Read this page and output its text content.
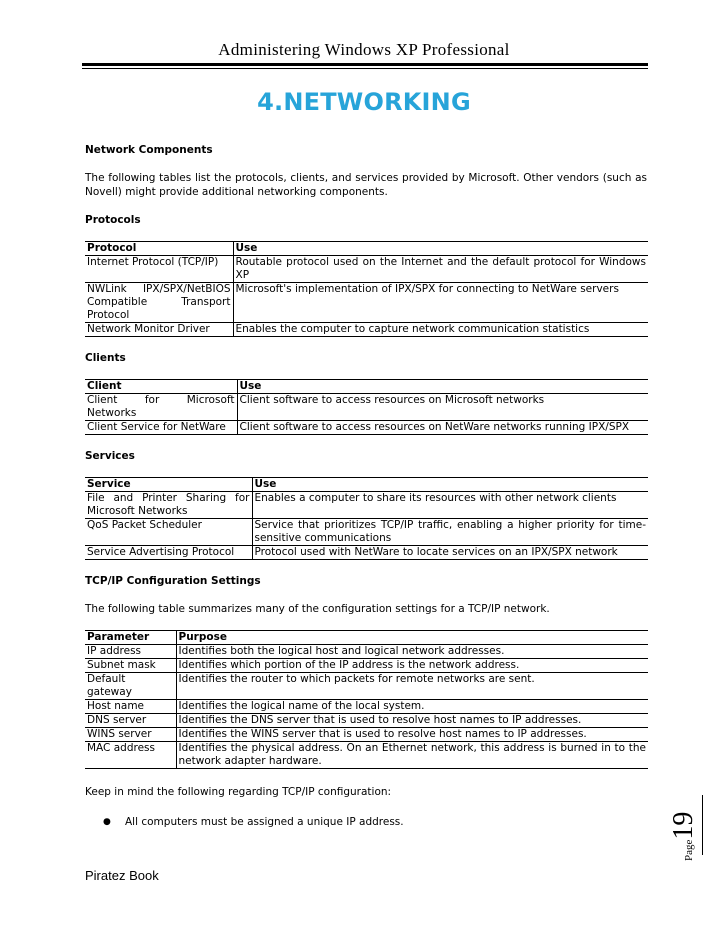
Administering Windows XP Professional
4.NETWORKING

Network Components

The following tables list the protocols, clients, and services provided by Microsoft. Other vendors (such as Novell) might provide additional networking components.

Protocols

Protocol	Use
Internet Protocol (TCP/IP)	Routable protocol used on the Internet and the default protocol for Windows XP
NWLink IPX/SPX/NetBIOS Compatible Transport Protocol	Microsoft's implementation of IPX/SPX for connecting to NetWare servers
Network Monitor Driver	Enables the computer to capture network communication statistics

Clients

Client	Use
Client for Microsoft Networks	Client software to access resources on Microsoft networks
Client Service for NetWare	Client software to access resources on NetWare networks running IPX/SPX

Services

Service	Use
File and Printer Sharing for Microsoft Networks	Enables a computer to share its resources with other network clients
QoS Packet Scheduler	Service that prioritizes TCP/IP traffic, enabling a higher priority for time-sensitive communications
Service Advertising Protocol	Protocol used with NetWare to locate services on an IPX/SPX network

TCP/IP Configuration Settings

The following table summarizes many of the configuration settings for a TCP/IP network.

Parameter	Purpose
IP address	Identifies both the logical host and logical network addresses.
Subnet mask	Identifies which portion of the IP address is the network address.
Default gateway	Identifies the router to which packets for remote networks are sent.
Host name	Identifies the logical name of the local system.
DNS server	Identifies the DNS server that is used to resolve host names to IP addresses.
WINS server	Identifies the WINS server that is used to resolve host names to IP addresses.
MAC address	Identifies the physical address. On an Ethernet network, this address is burned in to the network adapter hardware.

Keep in mind the following regarding TCP/IP configuration:

●	All computers must be assigned a unique IP address.
Piratez Book
Page19
